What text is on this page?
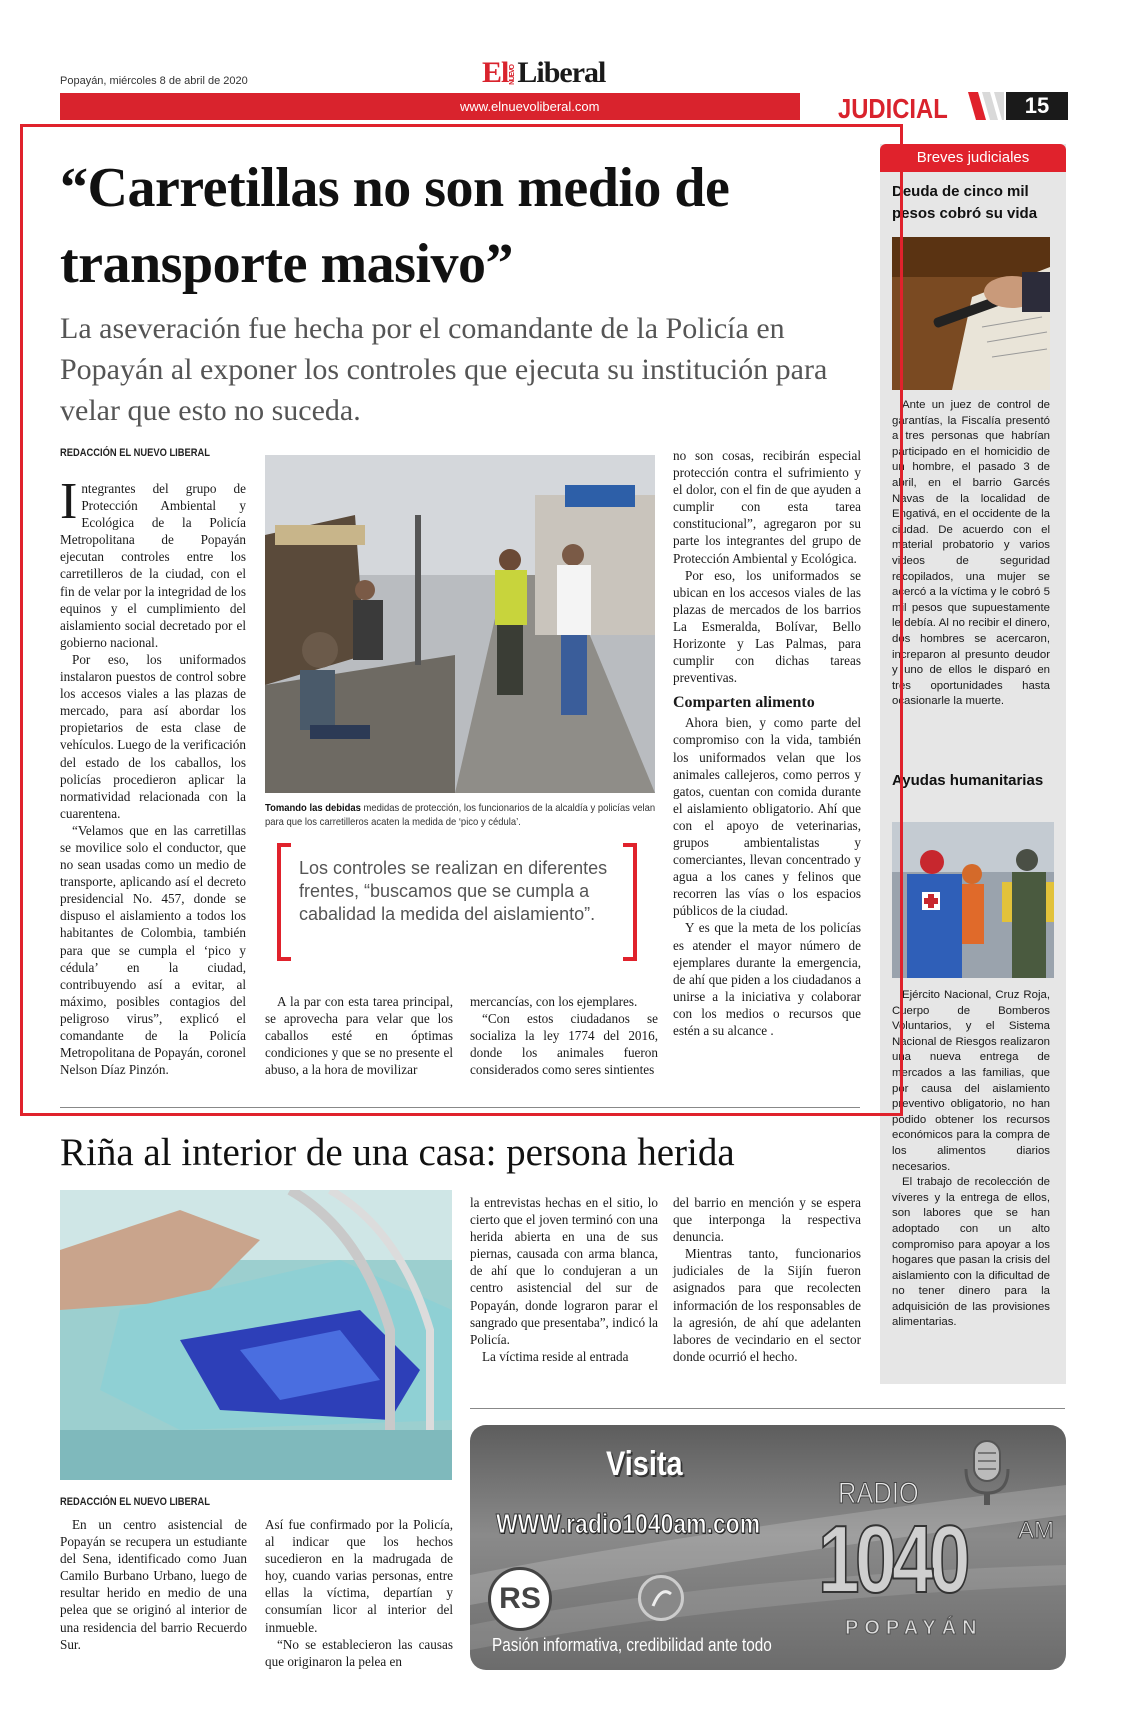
Popayán, miércoles 8 de abril de 2020	ElNUEVOLiberal
www.elnuevoliberal.com	JUDICIAL	15
“Carretillas no son medio de transporte masivo”
La aseveración fue hecha por el comandante de la Policía en Popayán al exponer los controles que ejecuta su institución para velar que esto no suceda.
REDACCIÓN EL NUEVO LIBERAL

Integrantes del grupo de Protección Ambiental y Ecológica de la Policía Metropolitana de Popayán ejecutan controles entre los carretilleros de la ciudad, con el fin de velar por la integridad de los equinos y el cumplimiento del aislamiento social decretado por el gobierno nacional.

Por eso, los uniformados instalaron puestos de control sobre los accesos viales a las plazas de mercado, para así abordar los propietarios de esta clase de vehículos. Luego de la verificación del estado de los caballos, los policías procedieron aplicar la normatividad relacionada con la cuarentena.

“Velamos que en las carretillas se movilice solo el conductor, que no sean usadas como un medio de transporte, aplicando así el decreto presidencial No. 457, donde se dispuso el aislamiento a todos los habitantes de Colombia, también para que se cumpla el ‘pico y cédula’ en la ciudad, contribuyendo así a evitar, al máximo, posibles contagios del peligroso virus”, explicó el comandante de la Policía Metropolitana de Popayán, coronel Nelson Díaz Pinzón.

Tomando las debidas medidas de protección, los funcionarios de la alcaldía y policías velan para que los carretilleros acaten la medida de ‘pico y cédula’.
Los controles se realizan en diferentes frentes, “buscamos que se cumpla a cabalidad la medida del aislamiento”.

A la par con esta tarea principal, se aprovecha para velar que los caballos esté en óptimas condiciones y que se no presente el abuso, a la hora de movilizar

mercancías, con los ejemplares.

“Con estos ciudadanos se socializa la ley 1774 del 2016, donde los animales fueron considerados como seres sintientes

no son cosas, recibirán especial protección contra el sufrimiento y el dolor, con el fin de que ayuden a cumplir con esta tarea constitucional”, agregaron por su parte los integrantes del grupo de Protección Ambiental y Ecológica.

Por eso, los uniformados se ubican en los accesos viales de las plazas de mercados de los barrios La Esmeralda, Bolívar, Bello Horizonte y Las Palmas, para cumplir con dichas tareas preventivas.

Comparten alimento

Ahora bien, y como parte del compromiso con la vida, también los uniformados velan que los animales callejeros, como perros y gatos, cuentan con comida durante el aislamiento obligatorio. Ahí que con el apoyo de veterinarias, grupos ambientalistas y comerciantes, llevan concentrado y agua a los canes y felinos que recorren las vías o los espacios públicos de la ciudad.

Y es que la meta de los policías es atender el mayor número de ejemplares durante la emergencia, de ahí que piden a los ciudadanos a unirse a la iniciativa y colaborar con los medios o recursos que estén a su alcance .

Breves judiciales
Deuda de cinco mil pesos cobró su vida

Ante un juez de control de garantías, la Fiscalía presentó a tres personas que habrían participado en el homicidio de un hombre, el pasado 3 de abril, en el barrio Garcés Navas de la localidad de Engativá, en el occidente de la ciudad. De acuerdo con el material probatorio y varios videos de seguridad recopilados, una mujer se acercó a la víctima y le cobró 5 mil pesos que supuestamente le debía. Al no recibir el dinero, dos hombres se acercaron, increparon al presunto deudor y uno de ellos le disparó en tres oportunidades hasta ocasionarle la muerte.

Ayudas humanitarias

Ejército Nacional, Cruz Roja, Cuerpo de Bomberos Voluntarios, y el Sistema Nacional de Riesgos realizaron una nueva entrega de mercados a las familias, que por causa del aislamiento preventivo obligatorio, no han podido obtener los recursos económicos para la compra de los alimentos diarios necesarios.

El trabajo de recolección de víveres y la entrega de ellos, son labores que se han adoptado con un alto compromiso para apoyar a los hogares que pasan la crisis del aislamiento con la dificultad de no tener dinero para la adquisición de las provisiones alimentarias.

Riña al interior de una casa: persona herida
REDACCIÓN EL NUEVO LIBERAL

En un centro asistencial de Popayán se recupera un estudiante del Sena, identificado como Juan Camilo Burbano Urbano, luego de resultar herido en medio de una pelea que se originó al interior de una residencia del barrio Recuerdo Sur.

Así fue confirmado por la Policía, al indicar que los hechos sucedieron en la madrugada de hoy, cuando varias personas, entre ellas la víctima, departían y consumían licor al interior del inmueble.

“No se establecieron las causas que originaron la pelea en

la entrevistas hechas en el sitio, lo cierto que el joven terminó con una herida abierta en una de sus piernas, causada con arma blanca, de ahí que lo condujeran a un centro asistencial del sur de Popayán, donde lograron parar el sangrado que presentaba”, indicó la Policía.

La víctima reside al entrada

del barrio en mención y se espera que interponga la respectiva denuncia.

Mientras tanto, funcionarios judiciales de la Sijín fueron asignados para que recolecten información de los responsables de la agresión, de ahí que adelanten labores de vecindario en el sector donde ocurrió el hecho.

Visita
WWW.radio1040am.com
RADIO
1040 AM
POPAYÁN
RS
Pasión informativa, credibilidad ante todo
